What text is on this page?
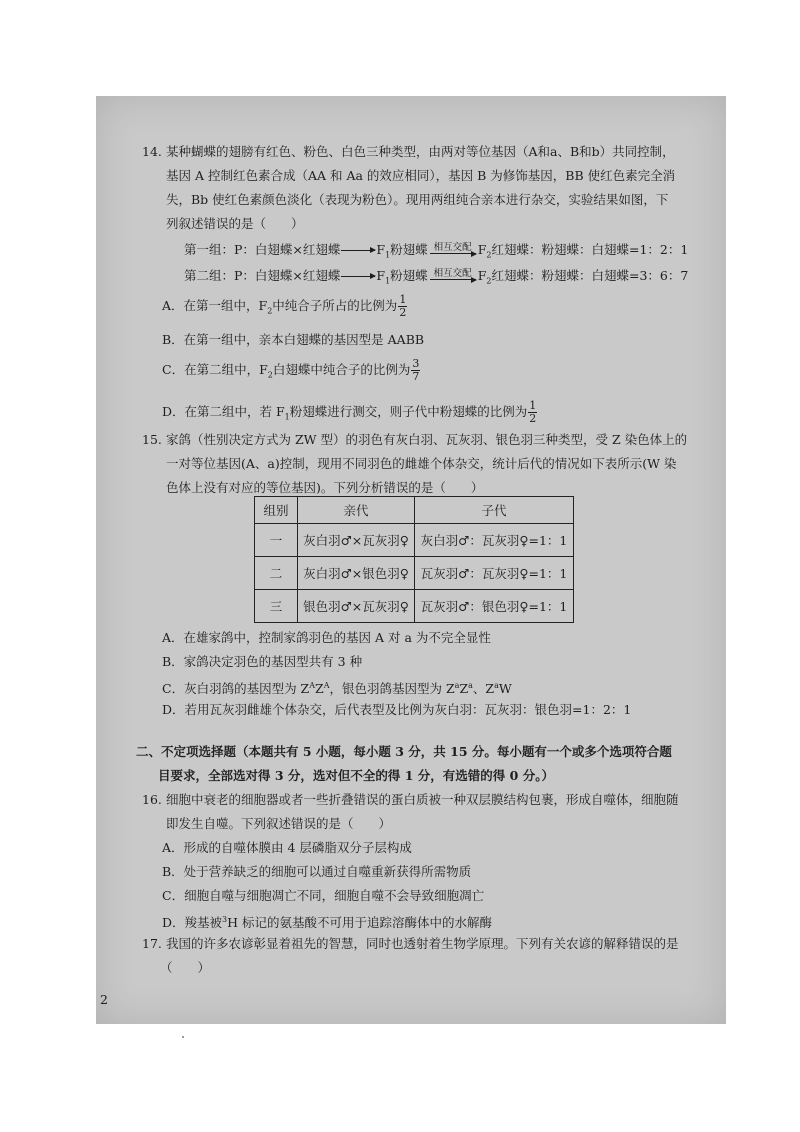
14. 某种蝴蝶的翅膀有红色、粉色、白色三种类型，由两对等位基因（A和a、B和b）共同控制，
基因 A 控制红色素合成（AA 和 Aa 的效应相同），基因 B 为修饰基因，BB 使红色素完全消
失，Bb 使红色素颜色淡化（表现为粉色）。现用两组纯合亲本进行杂交，实验结果如图，下
列叙述错误的是（　　）
第一组：P：白翅蝶×红翅蝶	$F_1$粉翅蝶 相互交配 $F_2$红翅蝶：粉翅蝶：白翅蝶=1：2：1
第二组：P：白翅蝶×红翅蝶	$F_1$粉翅蝶 相互交配 $F_2$红翅蝶：粉翅蝶：白翅蝶=3：6：7
A．在第一组中，$F_2$中纯合子所占的比例为 $\frac{1}{2}$
B．在第一组中，亲本白翅蝶的基因型是 AABB
C．在第二组中，$F_2$白翅蝶中纯合子的比例为 $\frac{3}{7}$
D．在第二组中，若 $F_1$粉翅蝶进行测交，则子代中粉翅蝶的比例为 $\frac{1}{2}$
15. 家鸽（性别决定方式为 ZW 型）的羽色有灰白羽、瓦灰羽、银色羽三种类型，受 Z 染色体上的
一对等位基因(A、a)控制，现用不同羽色的雌雄个体杂交，统计后代的情况如下表所示(W 染
色体上没有对应的等位基因)。下列分析错误的是（　　）
组别	亲代	子代
一	灰白羽♂×瓦灰羽♀	灰白羽♂：瓦灰羽♀=1：1
二	灰白羽♂×银色羽♀	瓦灰羽♂：瓦灰羽♀=1：1
三	银色羽♂×瓦灰羽♀	瓦灰羽♂：银色羽♀=1：1
A．在雄家鸽中，控制家鸽羽色的基因 A 对 a 为不完全显性
B．家鸽决定羽色的基因型共有 3 种
C．灰白羽鸽的基因型为 $Z^AZ^A$，银色羽鸽基因型为 $Z^aZ^a$、$Z^aW$
D．若用瓦灰羽雌雄个体杂交，后代表型及比例为灰白羽：瓦灰羽：银色羽=1：2：1
二、不定项选择题（本题共有 5 小题，每小题 3 分，共 15 分。每小题有一个或多个选项符合题
目要求，全部选对得 3 分，选对但不全的得 1 分，有选错的得 0 分。）
16. 细胞中衰老的细胞器或者一些折叠错误的蛋白质被一种双层膜结构包裹，形成自噬体，细胞随
即发生自噬。下列叙述错误的是（　　）
A．形成的自噬体膜由 4 层磷脂双分子层构成
B．处于营养缺乏的细胞可以通过自噬重新获得所需物质
C．细胞自噬与细胞凋亡不同，细胞自噬不会导致细胞凋亡
D．羧基被$^3$H 标记的氨基酸不可用于追踪溶酶体中的水解酶
17. 我国的许多农谚彰显着祖先的智慧，同时也透射着生物学原理。下列有关农谚的解释错误的是
（　　）
2
